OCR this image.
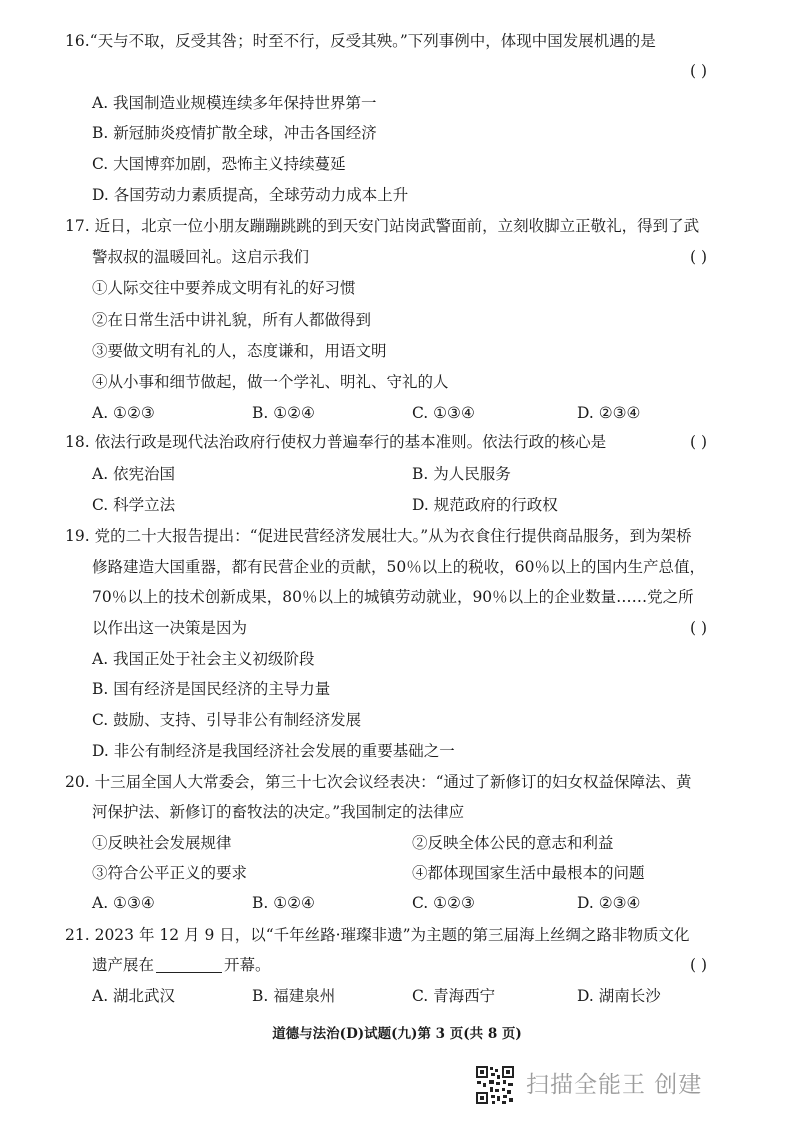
16.“天与不取，反受其咎；时至不行，反受其殃。”下列事例中，体现中国发展机遇的是
( )
A. 我国制造业规模连续多年保持世界第一
B. 新冠肺炎疫情扩散全球，冲击各国经济
C. 大国博弈加剧，恐怖主义持续蔓延
D. 各国劳动力素质提高，全球劳动力成本上升
17. 近日，北京一位小朋友蹦蹦跳跳的到天安门站岗武警面前，立刻收脚立正敬礼，得到了武
警叔叔的温暖回礼。这启示我们	( )
①人际交往中要养成文明有礼的好习惯
②在日常生活中讲礼貌，所有人都做得到
③要做文明有礼的人，态度谦和，用语文明
④从小事和细节做起，做一个学礼、明礼、守礼的人
A. ①②③	B. ①②④	C. ①③④	D. ②③④
18. 依法行政是现代法治政府行使权力普遍奉行的基本准则。依法行政的核心是	( )
A. 依宪治国	B. 为人民服务
C. 科学立法	D. 规范政府的行政权
19. 党的二十大报告提出：“促进民营经济发展壮大。”从为衣食住行提供商品服务，到为架桥
修路建造大国重器，都有民营企业的贡献，50％以上的税收，60％以上的国内生产总值，
70％以上的技术创新成果，80％以上的城镇劳动就业，90％以上的企业数量……党之所
以作出这一决策是因为	( )
A. 我国正处于社会主义初级阶段
B. 国有经济是国民经济的主导力量
C. 鼓励、支持、引导非公有制经济发展
D. 非公有制经济是我国经济社会发展的重要基础之一
20. 十三届全国人大常委会，第三十七次会议经表决：“通过了新修订的妇女权益保障法、黄
河保护法、新修订的畜牧法的决定。”我国制定的法律应
①反映社会发展规律	②反映全体公民的意志和利益
③符合公平正义的要求	④都体现国家生活中最根本的问题
A. ①③④	B. ①②④	C. ①②③	D. ②③④
21. 2023 年 12 月 9 日，以“千年丝路·璀璨非遗”为主题的第三届海上丝绸之路非物质文化
遗产展在	开幕。	( )
A. 湖北武汉	B. 福建泉州	C. 青海西宁	D. 湖南长沙
道德与法治(D)试题(九)第 3 页(共 8 页)
扫描全能王 创建
